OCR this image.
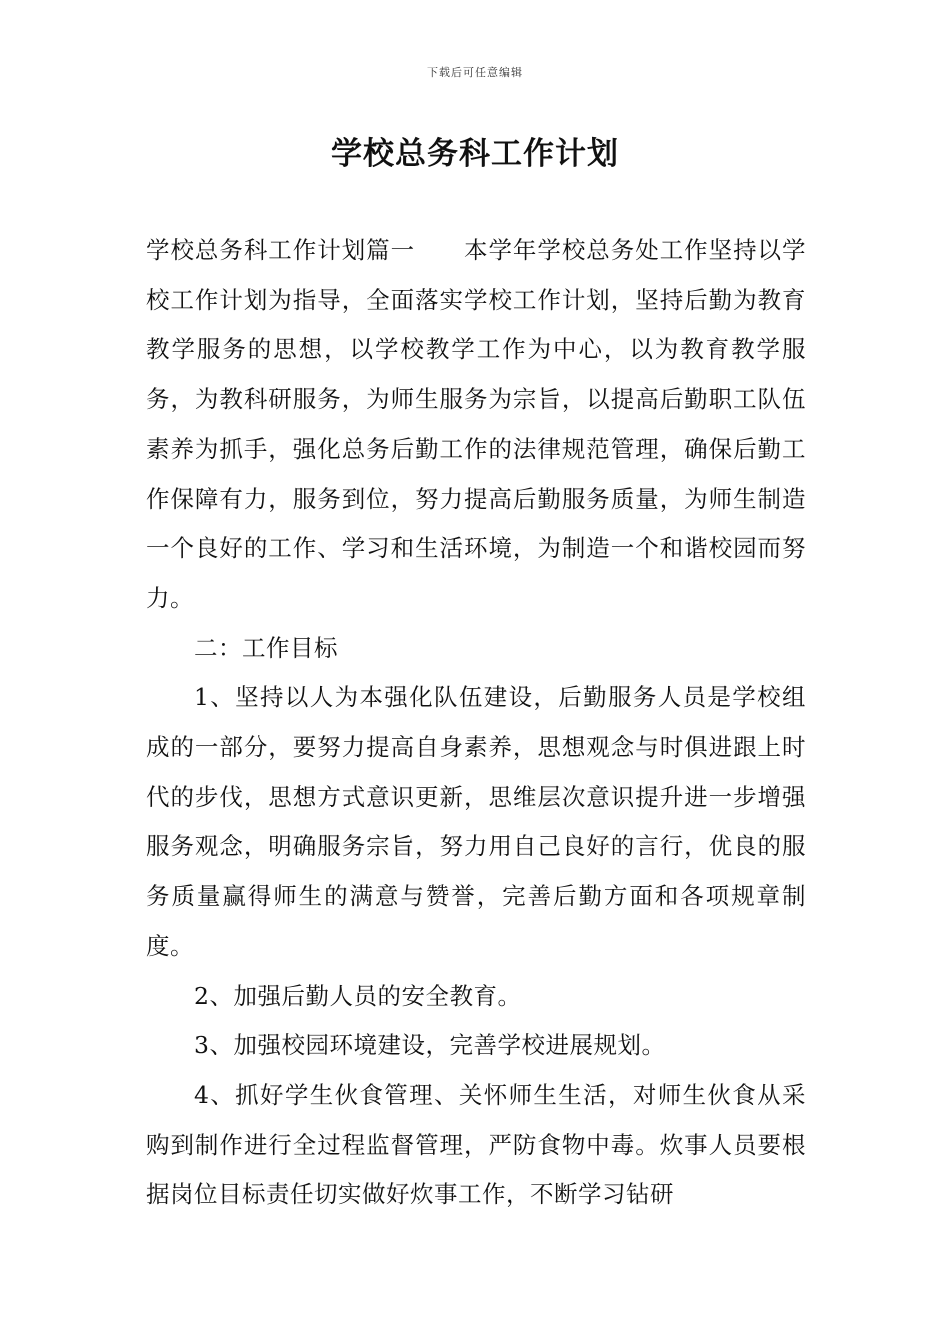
下载后可任意编辑
学校总务科工作计划

学校总务科工作计划篇一　　本学年学校总务处工作坚持以学校工作计划为指导，全面落实学校工作计划，坚持后勤为教育教学服务的思想，以学校教学工作为中心，以为教育教学服务，为教科研服务，为师生服务为宗旨，以提高后勤职工队伍素养为抓手，强化总务后勤工作的法律规范管理，确保后勤工作保障有力，服务到位，努力提高后勤服务质量，为师生制造一个良好的工作、学习和生活环境，为制造一个和谐校园而努力。

二：工作目标

1、坚持以人为本强化队伍建设，后勤服务人员是学校组成的一部分，要努力提高自身素养，思想观念与时俱进跟上时代的步伐，思想方式意识更新，思维层次意识提升进一步增强服务观念，明确服务宗旨，努力用自己良好的言行，优良的服务质量赢得师生的满意与赞誉，完善后勤方面和各项规章制度。

2、加强后勤人员的安全教育。

3、加强校园环境建设，完善学校进展规划。

4、抓好学生伙食管理、关怀师生生活，对师生伙食从采购到制作进行全过程监督管理，严防食物中毒。炊事人员要根据岗位目标责任切实做好炊事工作，不断学习钻研
